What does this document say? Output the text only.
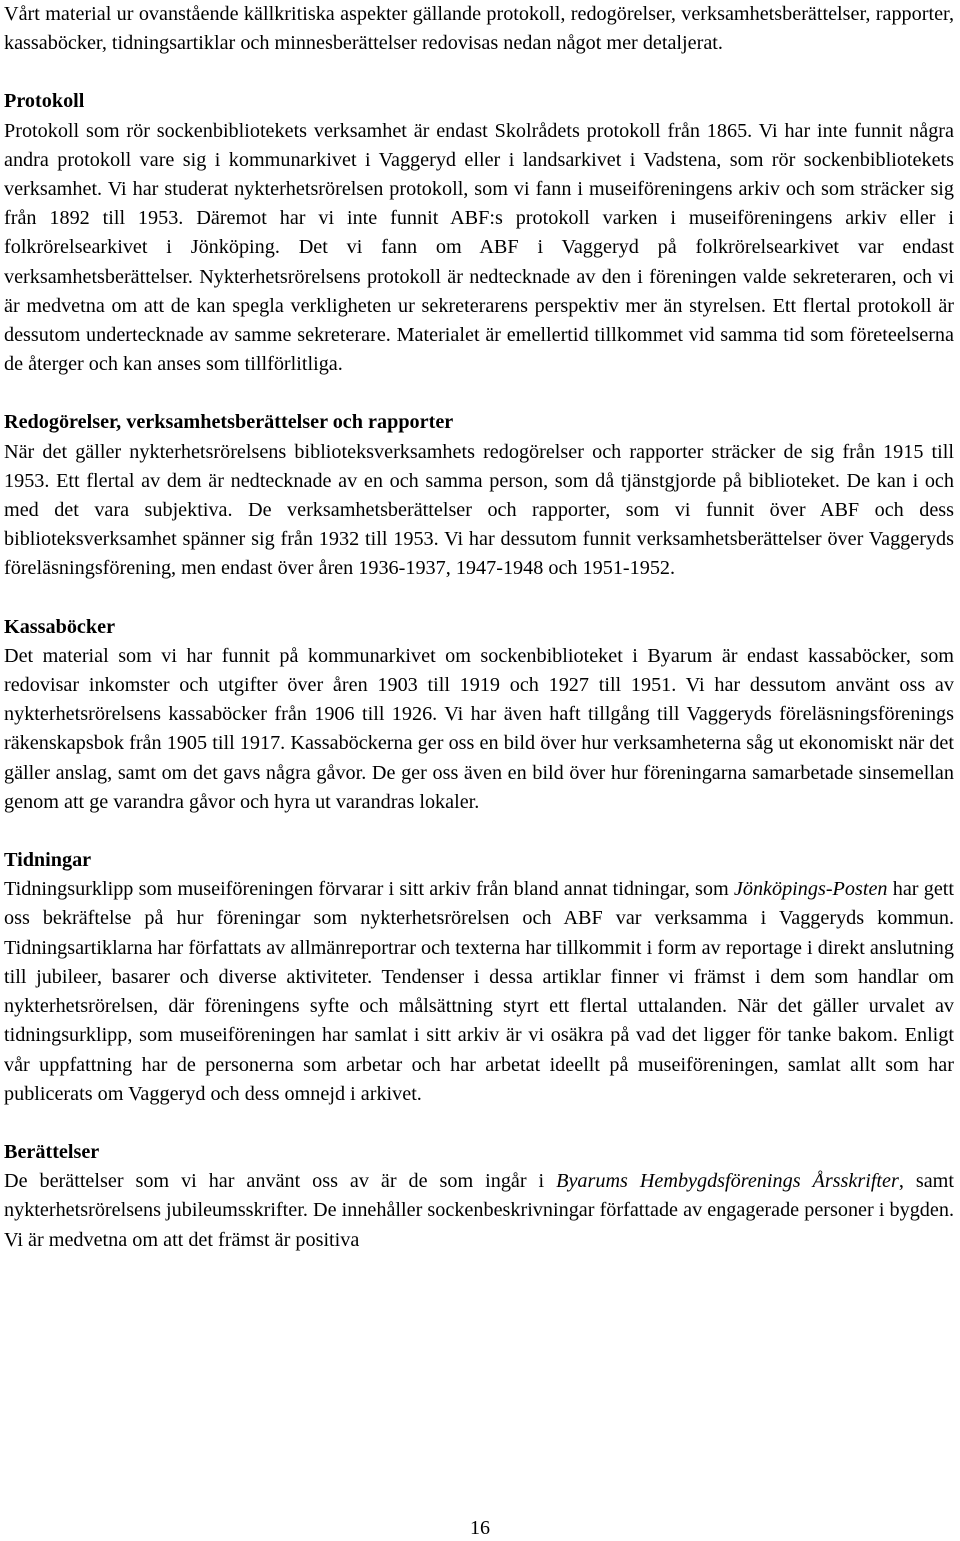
Vårt material ur ovanstående källkritiska aspekter gällande protokoll, redogörelser, verksamhetsberättelser, rapporter, kassaböcker, tidningsartiklar och minnesberättelser redovisas nedan något mer detaljerat.

Protokoll

Protokoll som rör sockenbibliotekets verksamhet är endast Skolrådets protokoll från 1865. Vi har inte funnit några andra protokoll vare sig i kommunarkivet i Vaggeryd eller i landsarkivet i Vadstena, som rör sockenbibliotekets verksamhet. Vi har studerat nykterhetsrörelsen protokoll, som vi fann i museiföreningens arkiv och som sträcker sig från 1892 till 1953. Däremot har vi inte funnit ABF:s protokoll varken i museiföreningens arkiv eller i folkrörelsearkivet i Jönköping. Det vi fann om ABF i Vaggeryd på folkrörelsearkivet var endast verksamhetsberättelser. Nykterhetsrörelsens protokoll är nedtecknade av den i föreningen valde sekreteraren, och vi är medvetna om att de kan spegla verkligheten ur sekreterarens perspektiv mer än styrelsen. Ett flertal protokoll är dessutom undertecknade av samme sekreterare. Materialet är emellertid tillkommet vid samma tid som företeelserna de återger och kan anses som tillförlitliga.

Redogörelser, verksamhetsberättelser och rapporter

När det gäller nykterhetsrörelsens biblioteksverksamhets redogörelser och rapporter sträcker de sig från 1915 till 1953. Ett flertal av dem är nedtecknade av en och samma person, som då tjänstgjorde på biblioteket. De kan i och med det vara subjektiva. De verksamhetsberättelser och rapporter, som vi funnit över ABF och dess biblioteksverksamhet spänner sig från 1932 till 1953. Vi har dessutom funnit verksamhetsberättelser över Vaggeryds föreläsningsförening, men endast över åren 1936-1937, 1947-1948 och 1951-1952.

Kassaböcker

Det material som vi har funnit på kommunarkivet om sockenbiblioteket i Byarum är endast kassaböcker, som redovisar inkomster och utgifter över åren 1903 till 1919 och 1927 till 1951. Vi har dessutom använt oss av nykterhetsrörelsens kassaböcker från 1906 till 1926. Vi har även haft tillgång till Vaggeryds föreläsningsförenings räkenskapsbok från 1905 till 1917. Kassaböckerna ger oss en bild över hur verksamheterna såg ut ekonomiskt när det gäller anslag, samt om det gavs några gåvor. De ger oss även en bild över hur föreningarna samarbetade sinsemellan genom att ge varandra gåvor och hyra ut varandras lokaler.

Tidningar

Tidningsurklipp som museiföreningen förvarar i sitt arkiv från bland annat tidningar, som Jönköpings-Posten har gett oss bekräftelse på hur föreningar som nykterhetsrörelsen och ABF var verksamma i Vaggeryds kommun. Tidningsartiklarna har författats av allmänreportrar och texterna har tillkommit i form av reportage i direkt anslutning till jubileer, basarer och diverse aktiviteter. Tendenser i dessa artiklar finner vi främst i dem som handlar om nykterhetsrörelsen, där föreningens syfte och målsättning styrt ett flertal uttalanden. När det gäller urvalet av tidningsurklipp, som museiföreningen har samlat i sitt arkiv är vi osäkra på vad det ligger för tanke bakom. Enligt vår uppfattning har de personerna som arbetar och har arbetat ideellt på museiföreningen, samlat allt som har publicerats om Vaggeryd och dess omnejd i arkivet.

Berättelser

De berättelser som vi har använt oss av är de som ingår i Byarums Hembygdsförenings Årsskrifter, samt nykterhetsrörelsens jubileumsskrifter. De innehåller sockenbeskrivningar författade av engagerade personer i bygden. Vi är medvetna om att det främst är positiva

16
